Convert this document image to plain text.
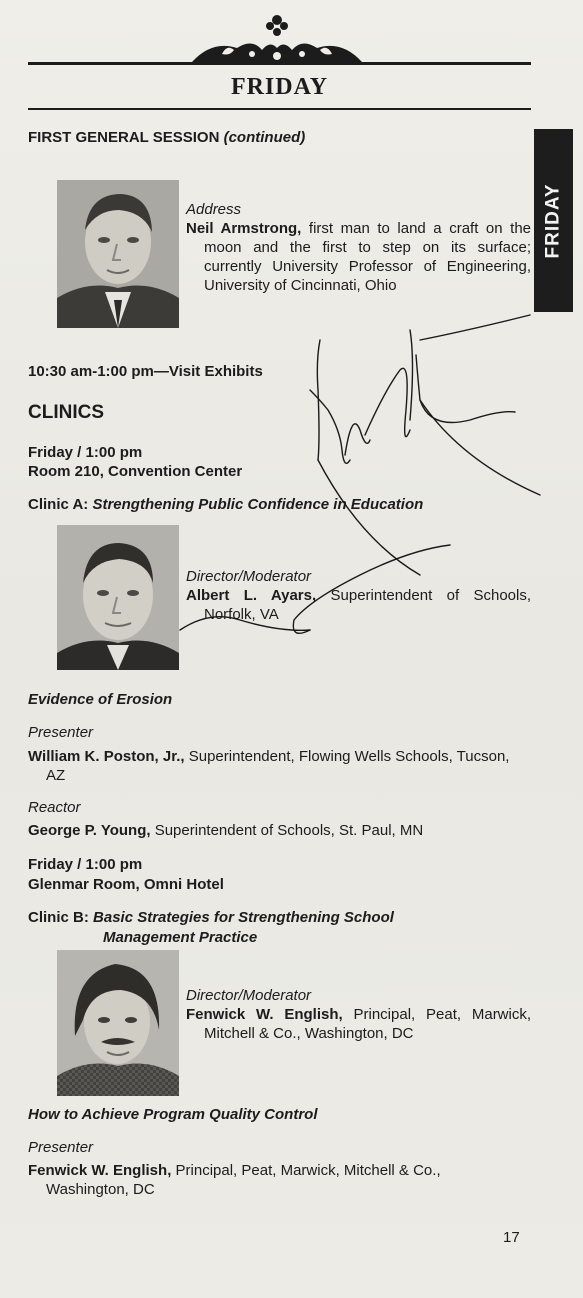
FRIDAY
FRIDAY
FIRST GENERAL SESSION (continued)
Address
Neil Armstrong, first man to land a craft on the moon and the first to step on its surface; currently University Professor of Engineering, University of Cincinnati, Ohio
10:30 am-1:00 pm—Visit Exhibits
CLINICS
Friday / 1:00 pm
Room 210, Convention Center
Clinic A: Strengthening Public Confidence in Education
Director/Moderator
Albert L. Ayars, Superintendent of Schools, Norfolk, VA
Evidence of Erosion
Presenter
William K. Poston, Jr., Superintendent, Flowing Wells Schools, Tucson, AZ
Reactor
George P. Young, Superintendent of Schools, St. Paul, MN
Friday / 1:00 pm
Glenmar Room, Omni Hotel
Clinic B: Basic Strategies for Strengthening School
Management Practice
Director/Moderator
Fenwick W. English, Principal, Peat, Marwick, Mitchell & Co., Washington, DC
How to Achieve Program Quality Control
Presenter
Fenwick W. English, Principal, Peat, Marwick, Mitchell & Co., Washington, DC
17
